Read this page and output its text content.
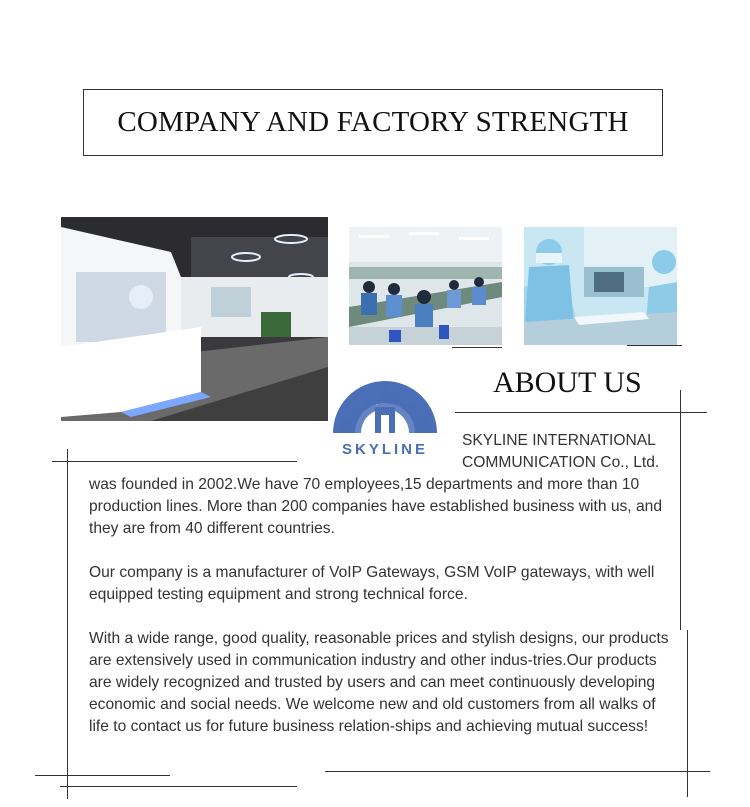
COMPANY AND FACTORY STRENGTH
SKYLINE
ABOUT US
SKYLINE INTERNATIONAL
COMMUNICATION Co., Ltd.

was founded in 2002.We have 70 employees,15 departments and more than 10 production lines. More than 200 companies have established business with us, and they are from 40 different countries.

Our company is a manufacturer of VoIP Gateways, GSM VoIP gateways, with well equipped testing equipment and strong technical force.

With a wide range, good quality, reasonable prices and stylish designs, our products are extensively used in communication industry and other indus-tries.Our products are widely recognized and trusted by users and can meet continuously developing economic and social needs. We welcome new and old customers from all walks of life to contact us for future business relation-ships and achieving mutual success!
